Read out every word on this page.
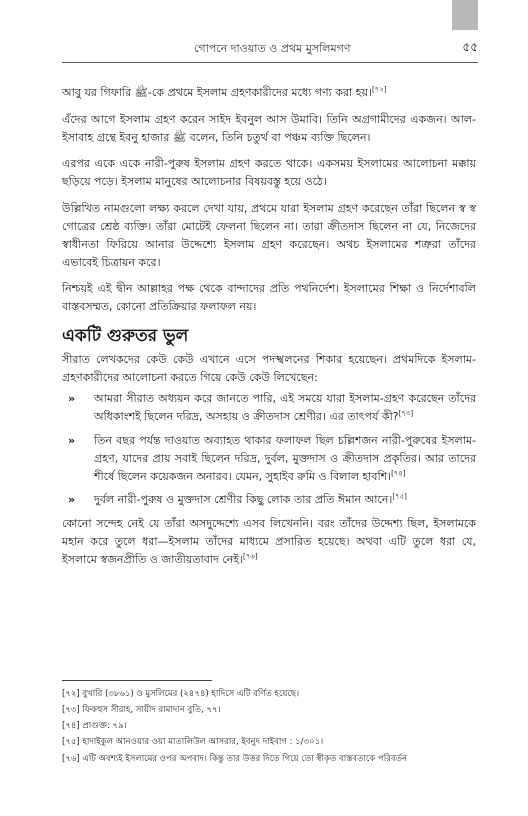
গোপনে দাওয়াত ও প্রথম মুসলিমগণ	৫৫

আবু যর গিফারি ﷺ-কে প্রথমে ইসলাম গ্রহণকারীদের মধ্যে গণ্য করা হয়।[৭২]

এঁদের আগে ইসলাম গ্রহণ করেন সাইদ ইবনুল আস উমাবি। তিনি অগ্রগামীদের একজন। আল-ইসাবাহ গ্রন্থে ইবনু হাজার ﷺ বলেন, তিনি চতুর্থ বা পঞ্চম ব্যক্তি ছিলেন।

এরপর একে একে নারী-পুরুষ ইসলাম গ্রহণ করতে থাকে। একসময় ইসলামের আলোচনা মক্কায় ছড়িয়ে পড়ে। ইসলাম মানুষের আলোচনার বিষয়বস্তু হয়ে ওঠে।

উল্লিখিত নামগুলো লক্ষ্য করলে দেখা যায়, প্রথমে যারা ইসলাম গ্রহণ করেছেন তাঁরা ছিলেন স্ব স্ব গোত্রের শ্রেষ্ঠ ব্যক্তি। তাঁরা মোটেই ফেলনা ছিলেন না। তারা ক্রীতদাস ছিলেন না যে, নিজেদের স্বাধীনতা ফিরিয়ে আনার উদ্দেশ্যে ইসলাম গ্রহণ করেছেন। অথচ ইসলামের শত্রুরা তাঁদের এভাবেই চিত্রায়ন করে।

নিশ্চয়ই এই দ্বীন আল্লাহর পক্ষ থেকে বান্দাদের প্রতি পথনির্দেশ। ইসলামের শিক্ষা ও নির্দেশাবলি বাস্তবসম্মত, কোনো প্রতিক্রিয়ার ফলাফল নয়।

একটি গুরুতর ভুল

সীরাত লেখকদের কেউ কেউ এখানে এসে পদস্খলনের শিকার হয়েছেন। প্রথমদিকে ইসলাম-গ্রহণকারীদের আলোচনা করতে গিয়ে কেউ কেউ লিখেছেন:

»	আমরা সীরাত অধ্যয়ন করে জানতে পারি, এই সময়ে যারা ইসলাম-গ্রহণ করেছেন তাঁদের অধিকাংশই ছিলেন দরিদ্র, অসহায় ও ক্রীতদাস শ্রেণীর। এর তাৎপর্য কী?[৭৩]
»	তিন বছর পর্যন্ত দাওয়াত অব্যাহত থাকার ফলাফল ছিল চল্লিশজন নারী-পুরুষের ইসলাম-গ্রহণ, যাদের প্রায় সবাই ছিলেন দরিদ্র, দুর্বল, মুক্তদাস ও ক্রীতদাস প্রকৃতির। আর তাদের শীর্ষে ছিলেন কয়েকজন অনারব। যেমন, সুহাইব রুমি ও বিলাল হাবশি।[৭৪]
»	দুর্বল নারী-পুরুষ ও মুক্তদাস শ্রেণীর কিছু লোক তার প্রতি ঈমান আনে।[৭৫]

কোনো সন্দেহ নেই যে তাঁরা অসদুদ্দেশ্যে এসব লিখেননি। বরং তাঁদের উদ্দেশ্য ছিল, ইসলামকে মহান করে তুলে ধরা—ইসলাম তাঁদের মাধ্যমে প্রসারিত হয়েছে। অথবা এটি তুলে ধরা যে, ইসলামে স্বজনপ্রীতি ও জাতীয়তাবাদ নেই।[৭৬]

[৭২] বুখারি (৩৮৬১) ও মুসলিমের (২৪৭৪) হাদিসে এটি বর্ণিত হয়েছে।
[৭৩] ফিকহুস সীরাহ, সায়ীদ রামাদান বুতি, ৭৭।
[৭৪] প্রাগুক্ত: ৭৯।
[৭৫] হাদাইকুল আনওয়ার ওয়া মাতালিউল আসরার, ইবনুদ দাইবাগ : ১/৩০১।
[৭৬] এটি অবশ্যই ইসলামের ওপর অপবাদ। কিন্তু তার উত্তর দিতে গিয়ে তো স্বীকৃত বাস্তবতাকে পরিবর্তন
